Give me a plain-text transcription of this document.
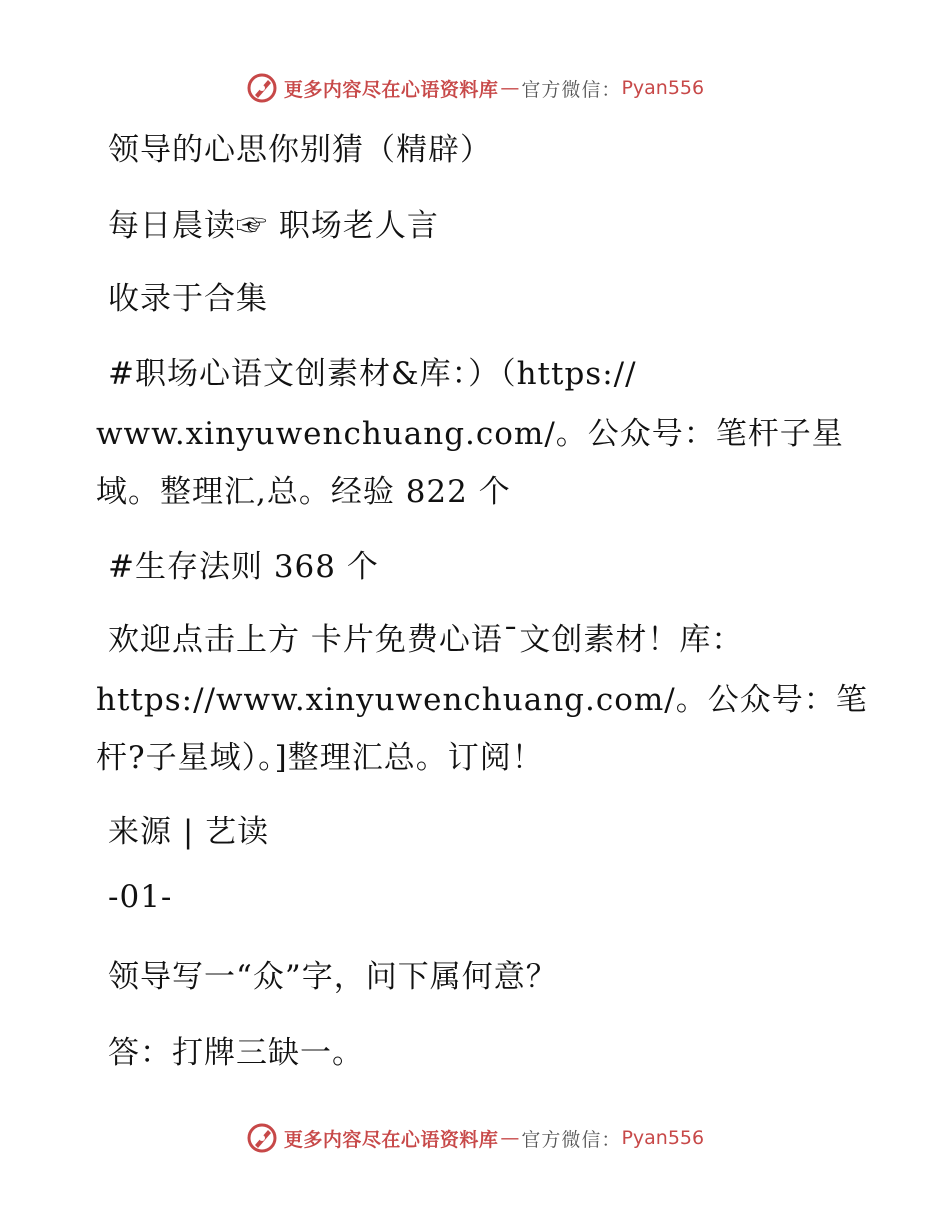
更多内容尽在心语资料库 — 官方微信： Pyan556
领导的心思你别猜（精辟）
每日晨读☞ 职场老人言
收录于合集
#职场心语文创素材&库：）（https://
www.xinyuwenchuang.com/。公众号：笔杆子星
域。整理汇,总。经验 822 个
#生存法则 368 个
欢迎点击上方 卡片免费心语¯文创素材！库：
https://www.xinyuwenchuang.com/。公众号：笔
杆?子星域）。]整理汇总。订阅！
来源 | 艺读
-01-
领导写一“众”字，问下属何意？
答：打牌三缺一。
更多内容尽在心语资料库 — 官方微信： Pyan556
